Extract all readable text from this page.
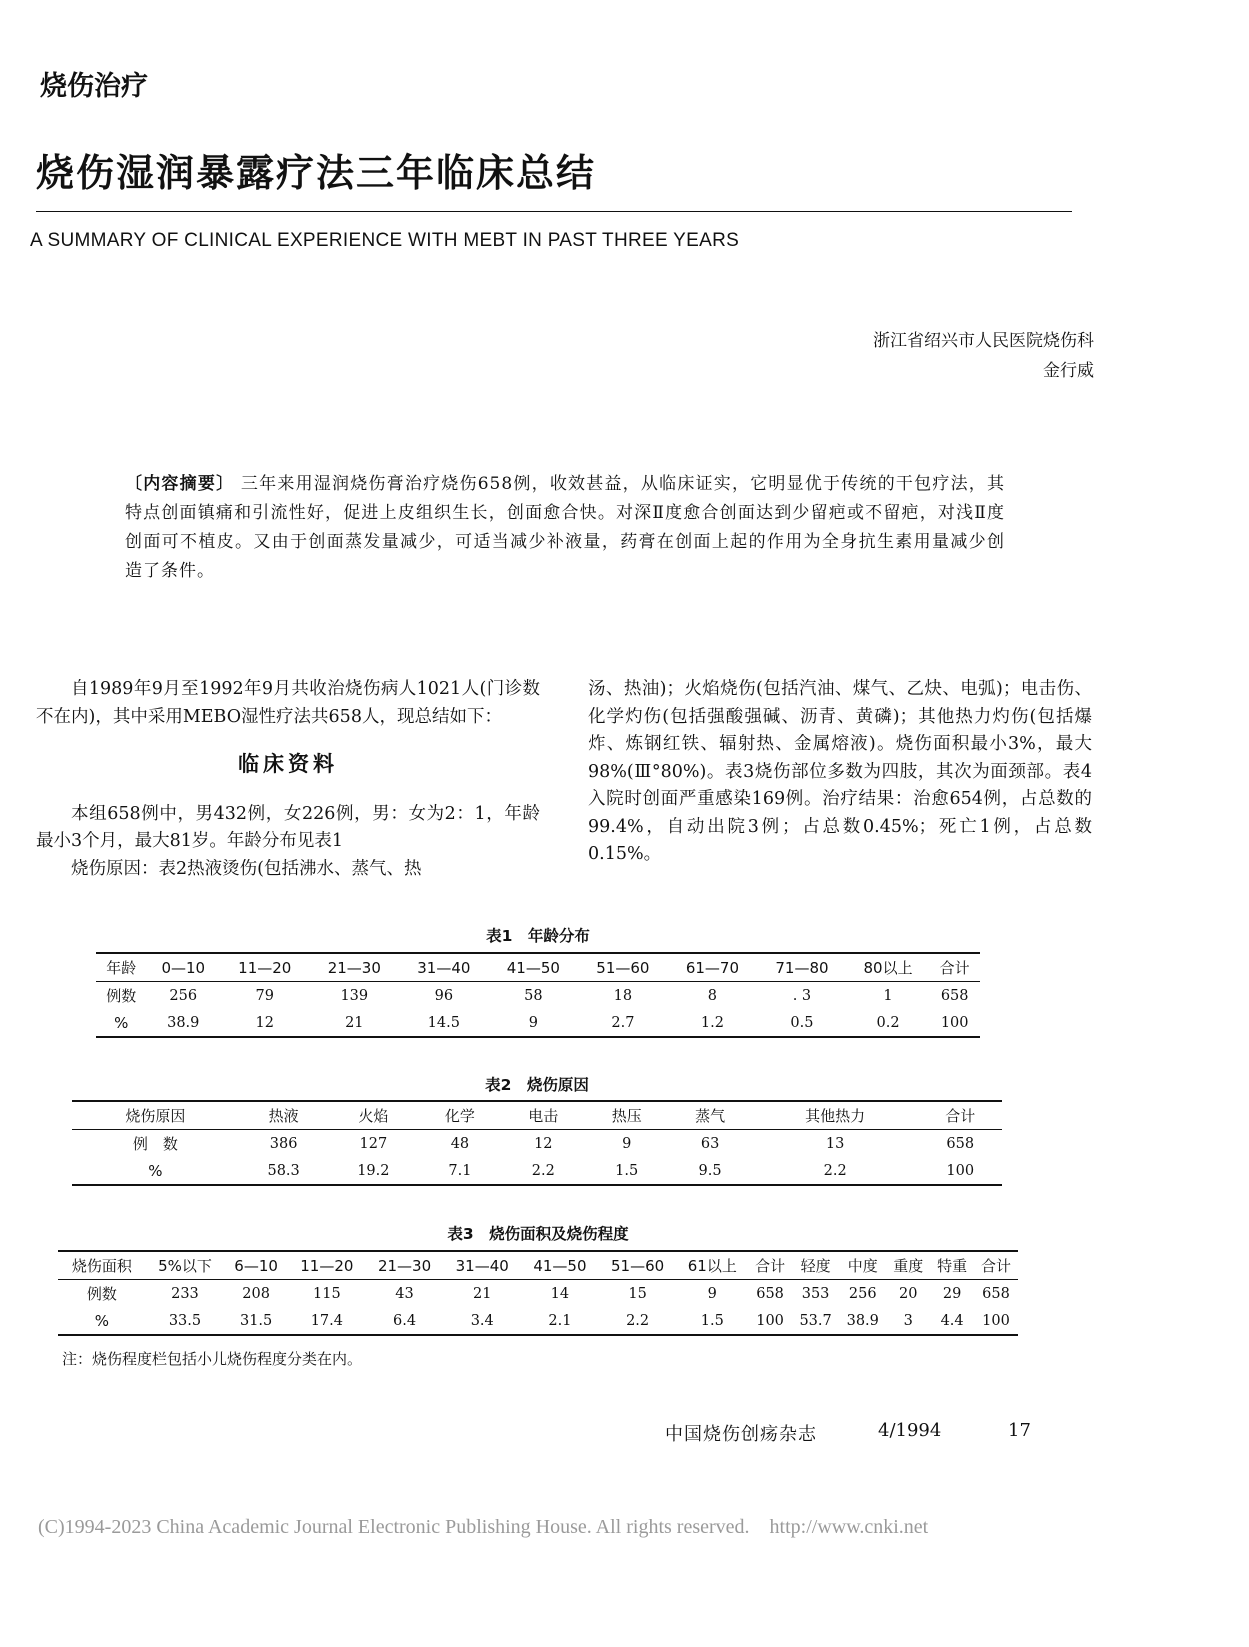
烧伤治疗
烧伤湿润暴露疗法三年临床总结
A SUMMARY OF CLINICAL EXPERIENCE WITH MEBT IN PAST THREE YEARS
浙江省绍兴市人民医院烧伤科
金行威
〔内容摘要〕 三年来用湿润烧伤膏治疗烧伤658例，收效甚益，从临床证实，它明显优于传统的干包疗法，其特点创面镇痛和引流性好，促进上皮组织生长，创面愈合快。对深Ⅱ度愈合创面达到少留疤或不留疤，对浅Ⅱ度创面可不植皮。又由于创面蒸发量减少，可适当减少补液量，药膏在创面上起的作用为全身抗生素用量减少创造了条件。

自1989年9月至1992年9月共收治烧伤病人1021人(门诊数不在内)，其中采用MEBO湿性疗法共658人，现总结如下：

临床资料

本组658例中，男432例，女226例，男：女为2：1，年龄最小3个月，最大81岁。年龄分布见表1

烧伤原因：表2热液烫伤(包括沸水、蒸气、热

汤、热油)；火焰烧伤(包括汽油、煤气、乙炔、电弧)；电击伤、化学灼伤(包括强酸强碱、沥青、黄磷)；其他热力灼伤(包括爆炸、炼钢红铁、辐射热、金属熔液)。烧伤面积最小3%，最大98%(Ⅲ°80%)。表3烧伤部位多数为四肢，其次为面颈部。表4入院时创面严重感染169例。治疗结果：治愈654例，占总数的99.4%，自动出院3例；占总数0.45%；死亡1例，占总数0.15%。

表1　年龄分布
年龄	0—10	11—20	21—30	31—40	41—50	51—60	61—70	71—80	80以上	合计
例数	256	79	139	96	58	18	8	. 3	1	658
%	38.9	12	21	14.5	9	2.7	1.2	0.5	0.2	100
表2　烧伤原因
烧伤原因	热液	火焰	化学	电击	热压	蒸气	其他热力		合计
例　数	386	127	48	12	9	63	13		658
%	58.3	19.2	7.1	2.2	1.5	9.5	2.2		100
表3　烧伤面积及烧伤程度
烧伤面积	5%以下	6—10	11—20	21—30	31—40	41—50	51—60	61以上	合计	轻度	中度	重度	特重	合计
例数	233	208	115	43	21	14	15	9	658	353	256	20	29	658
%	33.5	31.5	17.4	6.4	3.4	2.1	2.2	1.5	100	53.7	38.9	3	4.4	100
注：烧伤程度栏包括小儿烧伤程度分类在内。
中国烧伤创疡杂志	4/1994	17
(C)1994-2023 China Academic Journal Electronic Publishing House. All rights reserved.　http://www.cnki.net
